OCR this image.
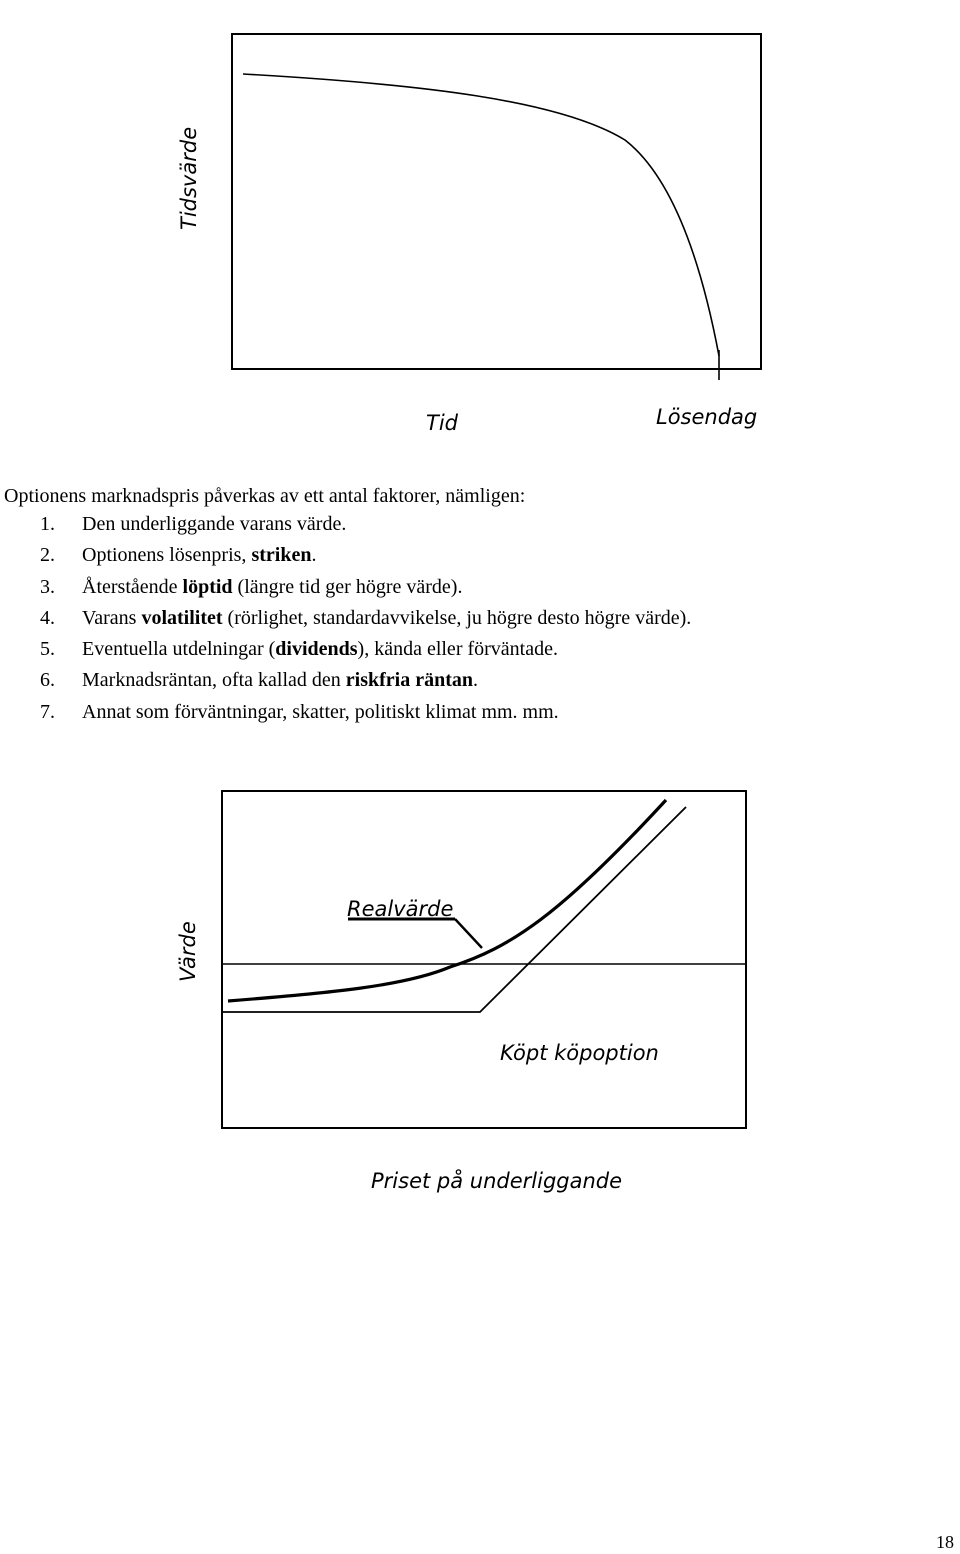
Tidsvärde
Tid	Lösendag

Optionens marknadspris påverkas av ett antal faktorer, nämligen:

1. Den underliggande varans värde.
2. Optionens lösenpris, striken.
3. Återstående löptid (längre tid ger högre värde).
4. Varans volatilitet (rörlighet, standardavvikelse, ju högre desto högre värde).
5. Eventuella utdelningar (dividends), kända eller förväntade.
6. Marknadsräntan, ofta kallad den riskfria räntan.
7. Annat som förväntningar, skatter, politiskt klimat mm. mm.
Realvärde
Köpt köpoption
Värde
Priset på underliggande
18
